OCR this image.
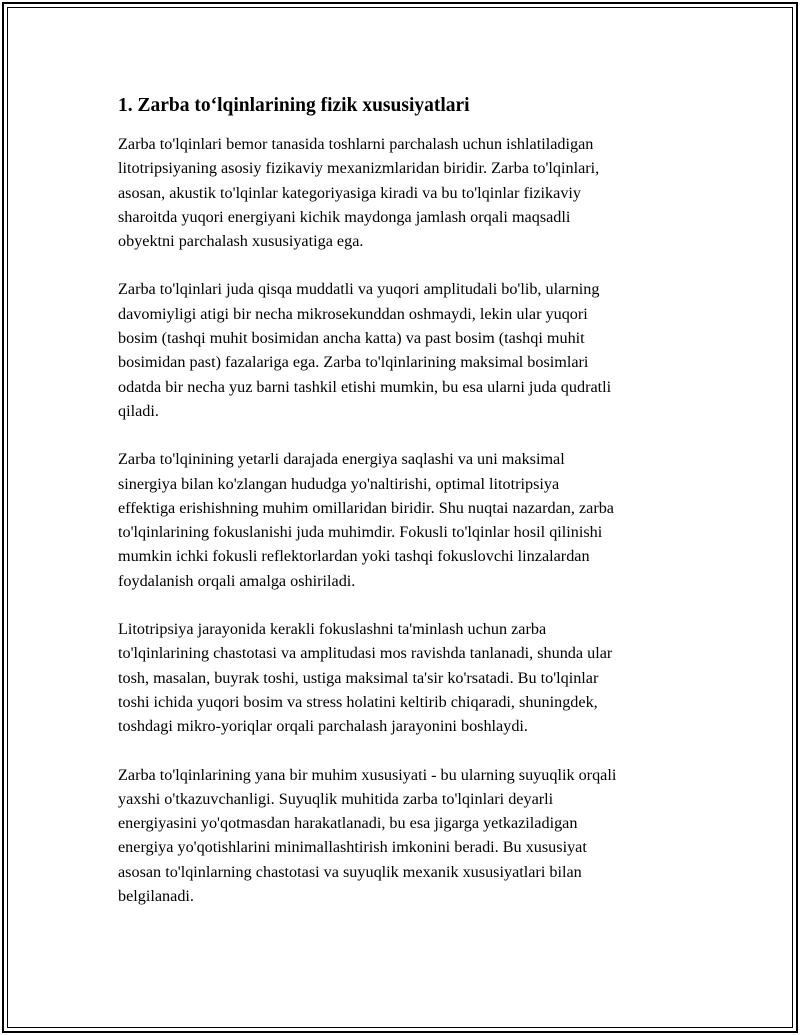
1. Zarba to‘lqinlarining fizik xususiyatlari

Zarba to'lqinlari bemor tanasida toshlarni parchalash uchun ishlatiladigan
litotripsiyaning asosiy fizikaviy mexanizmlaridan biridir. Zarba to'lqinlari,
asosan, akustik to'lqinlar kategoriyasiga kiradi va bu to'lqinlar fizikaviy
sharoitda yuqori energiyani kichik maydonga jamlash orqali maqsadli
obyektni parchalash xususiyatiga ega.

Zarba to'lqinlari juda qisqa muddatli va yuqori amplitudali bo'lib, ularning
davomiyligi atigi bir necha mikrosekunddan oshmaydi, lekin ular yuqori
bosim (tashqi muhit bosimidan ancha katta) va past bosim (tashqi muhit
bosimidan past) fazalariga ega. Zarba to'lqinlarining maksimal bosimlari
odatda bir necha yuz barni tashkil etishi mumkin, bu esa ularni juda qudratli
qiladi.

Zarba to'lqinining yetarli darajada energiya saqlashi va uni maksimal
sinergiya bilan ko'zlangan hududga yo'naltirishi, optimal litotripsiya
effektiga erishishning muhim omillaridan biridir. Shu nuqtai nazardan, zarba
to'lqinlarining fokuslanishi juda muhimdir. Fokusli to'lqinlar hosil qilinishi
mumkin ichki fokusli reflektorlardan yoki tashqi fokuslovchi linzalardan
foydalanish orqali amalga oshiriladi.

Litotripsiya jarayonida kerakli fokuslashni ta'minlash uchun zarba
to'lqinlarining chastotasi va amplitudasi mos ravishda tanlanadi, shunda ular
tosh, masalan, buyrak toshi, ustiga maksimal ta'sir ko'rsatadi. Bu to'lqinlar
toshi ichida yuqori bosim va stress holatini keltirib chiqaradi, shuningdek,
toshdagi mikro-yoriqlar orqali parchalash jarayonini boshlaydi.

Zarba to'lqinlarining yana bir muhim xususiyati - bu ularning suyuqlik orqali
yaxshi o'tkazuvchanligi. Suyuqlik muhitida zarba to'lqinlari deyarli
energiyasini yo'qotmasdan harakatlanadi, bu esa jigarga yetkaziladigan
energiya yo'qotishlarini minimallashtirish imkonini beradi. Bu xususiyat
asosan to'lqinlarning chastotasi va suyuqlik mexanik xususiyatlari bilan
belgilanadi.
